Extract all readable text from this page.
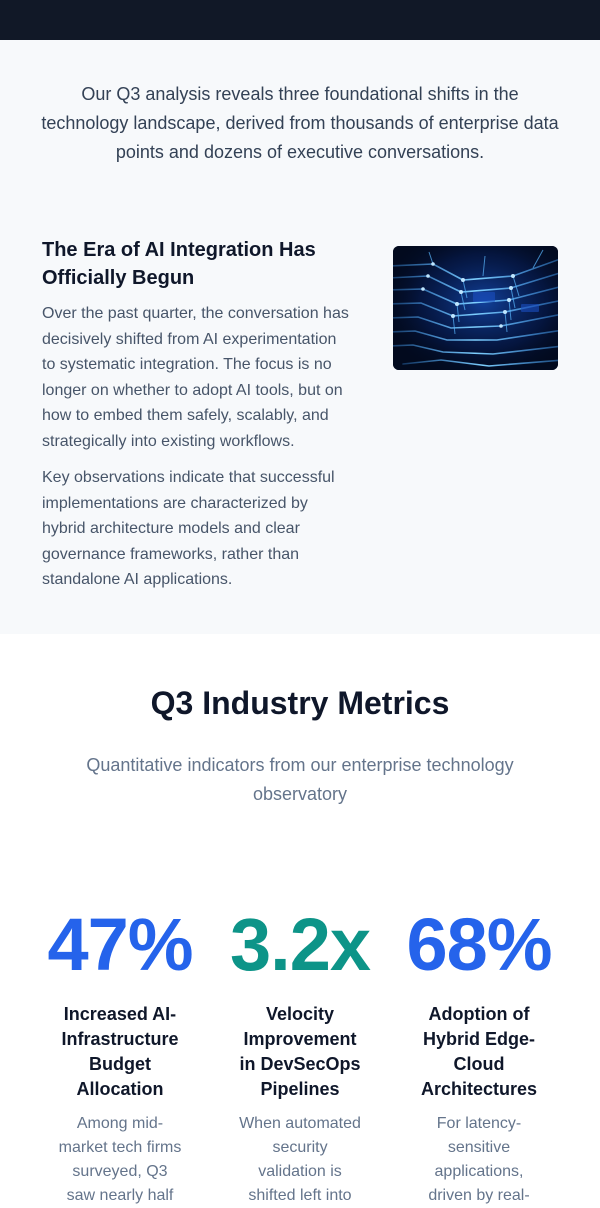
Our Q3 analysis reveals three foundational shifts in the technology landscape, derived from thousands of enterprise data points and dozens of executive conversations.

The Era of AI Integration Has Officially Begun

Over the past quarter, the conversation has decisively shifted from AI experimentation to systematic integration. The focus is no longer on whether to adopt AI tools, but on how to embed them safely, scalably, and strategically into existing workflows.

Key observations indicate that successful implementations are characterized by hybrid architecture models and clear governance frameworks, rather than standalone AI applications.

Q3 Industry Metrics

Quantitative indicators from our enterprise technology observatory

47%
Increased AI-Infrastructure Budget Allocation
Among mid-market tech firms surveyed, Q3 saw nearly half
3.2x
Velocity Improvement in DevSecOps Pipelines
When automated security validation is shifted left into
68%
Adoption of Hybrid Edge-Cloud Architectures
For latency-sensitive applications, driven by real-
